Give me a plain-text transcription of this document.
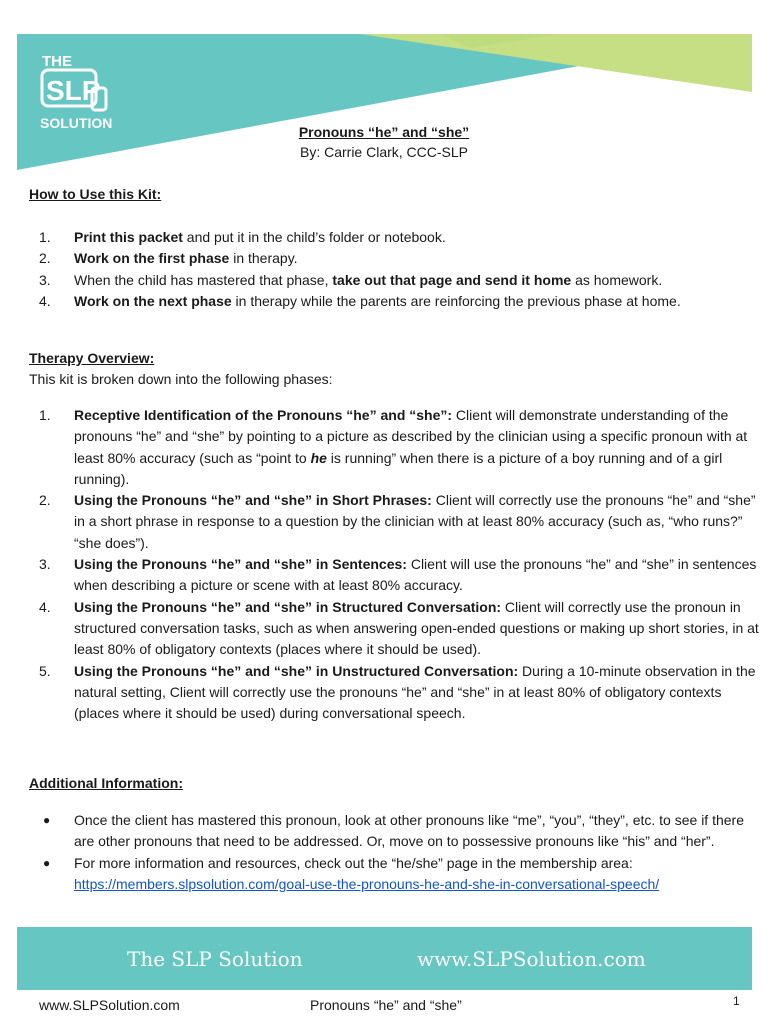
THE
SLP
SOLUTION
Pronouns “he” and “she”
By: Carrie Clark, CCC-SLP
How to Use this Kit:
1. Print this packet and put it in the child’s folder or notebook.
2. Work on the first phase in therapy.
3. When the child has mastered that phase, take out that page and send it home as homework.
4. Work on the next phase in therapy while the parents are reinforcing the previous phase at home.
Therapy Overview:
This kit is broken down into the following phases:
1. Receptive Identification of the Pronouns “he” and “she”: Client will demonstrate understanding of the pronouns “he” and “she” by pointing to a picture as described by the clinician using a specific pronoun with at least 80% accuracy (such as “point to he is running” when there is a picture of a boy running and of a girl running).
2. Using the Pronouns “he” and “she” in Short Phrases: Client will correctly use the pronouns “he” and “she” in a short phrase in response to a question by the clinician with at least 80% accuracy (such as, “who runs?” “she does”).
3. Using the Pronouns “he” and “she” in Sentences: Client will use the pronouns “he” and “she” in sentences when describing a picture or scene with at least 80% accuracy.
4. Using the Pronouns “he” and “she” in Structured Conversation: Client will correctly use the pronoun in structured conversation tasks, such as when answering open-ended questions or making up short stories, in at least 80% of obligatory contexts (places where it should be used).
5. Using the Pronouns “he” and “she” in Unstructured Conversation: During a 10-minute observation in the natural setting, Client will correctly use the pronouns “he” and “she” in at least 80% of obligatory contexts (places where it should be used) during conversational speech.
Additional Information:
● Once the client has mastered this pronoun, look at other pronouns like “me”, “you”, “they”, etc. to see if there are other pronouns that need to be addressed. Or, move on to possessive pronouns like “his” and “her”.
● For more information and resources, check out the “he/she” page in the membership area:
https://members.slpsolution.com/goal-use-the-pronouns-he-and-she-in-conversational-speech/
The SLP Solution	www.SLPSolution.com
www.SLPSolution.com	Pronouns “he” and “she”	1
